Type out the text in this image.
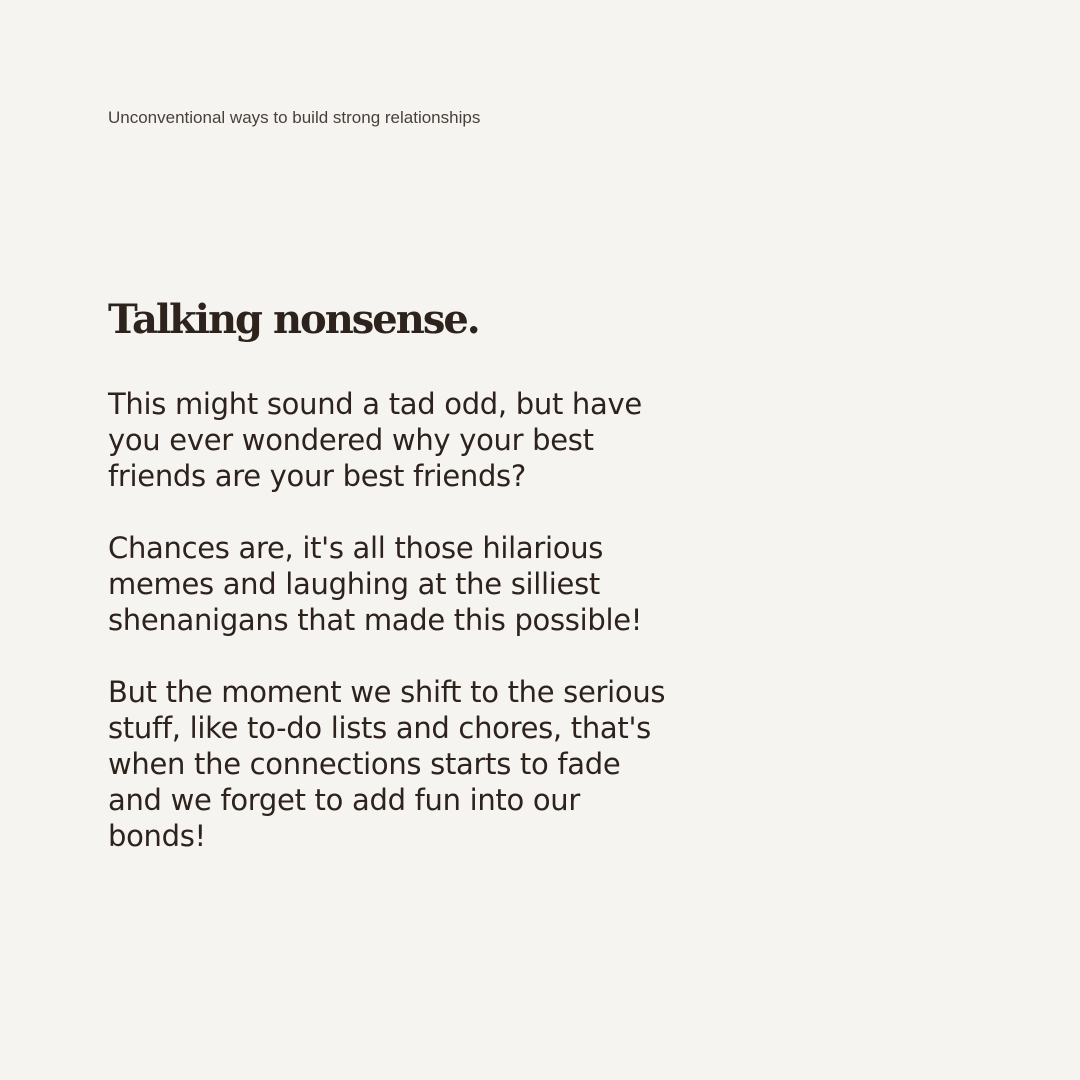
Unconventional ways to build strong relationships

Talking nonsense.

This might sound a tad odd, but have
you ever wondered why your best
friends are your best friends?

Chances are, it's all those hilarious
memes and laughing at the silliest
shenanigans that made this possible!

But the moment we shift to the serious
stuff, like to-do lists and chores, that's
when the connections starts to fade
and we forget to add fun into our
bonds!
